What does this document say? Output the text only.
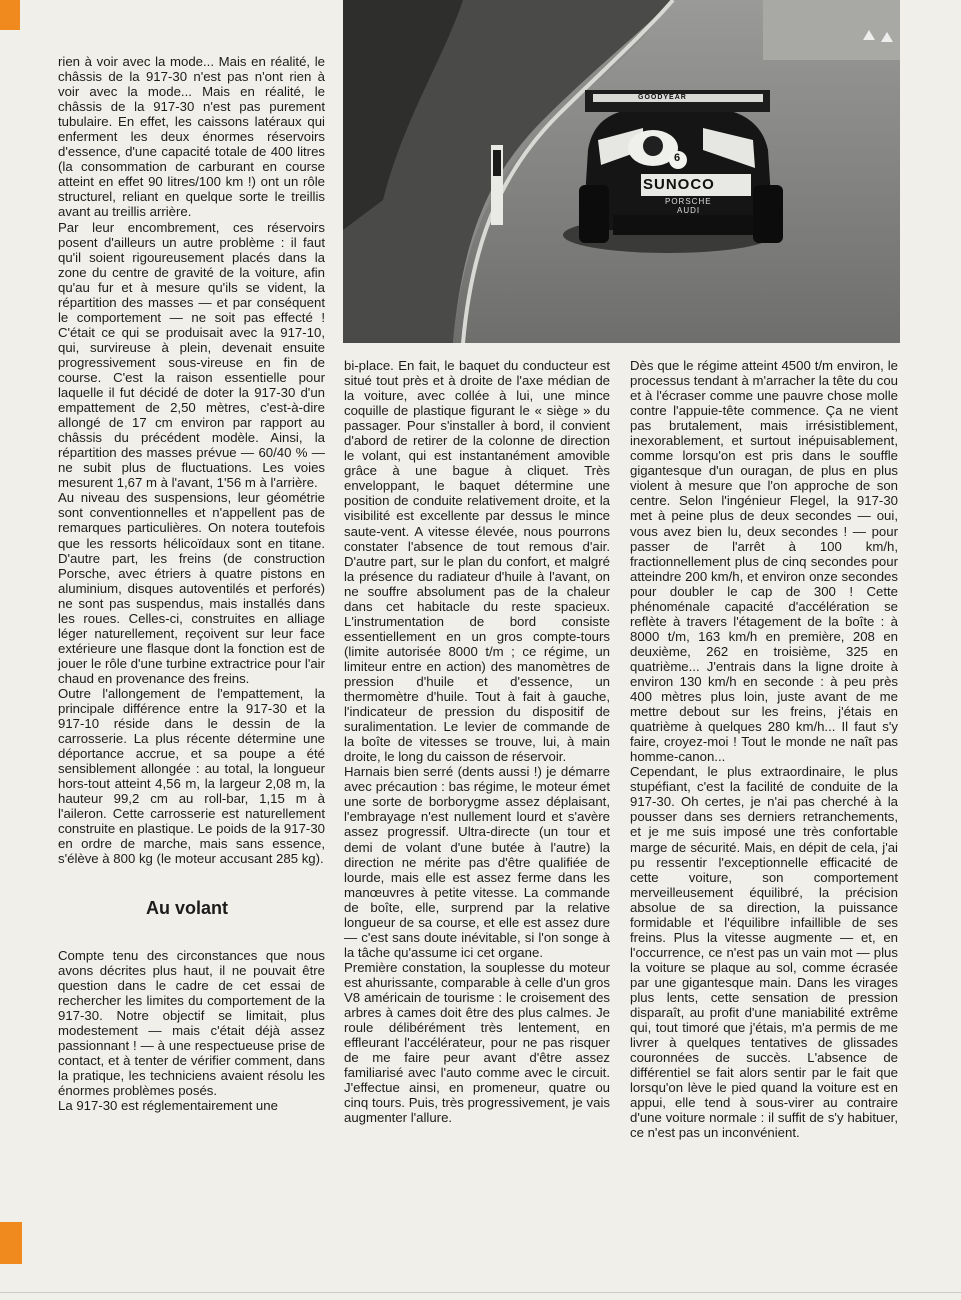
GOODYEAR
SUNOCO
PORSCHE
AUDI
6

rien à voir avec la mode... Mais en réalité, le châssis de la 917-30 n'est pas n'ont rien à voir avec la mode... Mais en réalité, le châssis de la 917-30 n'est pas purement tubulaire. En effet, les caissons latéraux qui enferment les deux énormes réservoirs d'essence, d'une capacité totale de 400 litres (la consommation de carburant en course atteint en effet 90 litres/100 km !) ont un rôle structurel, reliant en quelque sorte le treillis avant au treillis arrière.

Par leur encombrement, ces réservoirs posent d'ailleurs un autre problème : il faut qu'il soient rigoureusement placés dans la zone du centre de gravité de la voiture, afin qu'au fur et à mesure qu'ils se vident, la répartition des masses — et par conséquent le comportement — ne soit pas effecté ! C'était ce qui se produisait avec la 917-10, qui, survireuse à plein, devenait ensuite progressivement sous-vireuse en fin de course. C'est la raison essentielle pour laquelle il fut décidé de doter la 917-30 d'un empattement de 2,50 mètres, c'est-à-dire allongé de 17 cm environ par rapport au châssis du précédent modèle. Ainsi, la répartition des masses prévue — 60/40 % — ne subit plus de fluctuations. Les voies mesurent 1,67 m à l'avant, 1'56 m à l'arrière.

Au niveau des suspensions, leur géométrie sont conventionnelles et n'appellent pas de remarques particulières. On notera toutefois que les ressorts hélicoïdaux sont en titane. D'autre part, les freins (de construction Porsche, avec étriers à quatre pistons en aluminium, disques autoventilés et perforés) ne sont pas suspendus, mais installés dans les roues. Celles-ci, construites en alliage léger naturellement, reçoivent sur leur face extérieure une flasque dont la fonction est de jouer le rôle d'une turbine extractrice pour l'air chaud en provenance des freins.

Outre l'allongement de l'empattement, la principale différence entre la 917-30 et la 917-10 réside dans le dessin de la carrosserie. La plus récente détermine une déportance accrue, et sa poupe a été sensiblement allongée : au total, la longueur hors-tout atteint 4,56 m, la largeur 2,08 m, la hauteur 99,2 cm au roll-bar, 1,15 m à l'aileron. Cette carrosserie est naturellement construite en plastique. Le poids de la 917-30 en ordre de marche, mais sans essence, s'élève à 800 kg (le moteur accusant 285 kg).

Au volant

Compte tenu des circonstances que nous avons décrites plus haut, il ne pouvait être question dans le cadre de cet essai de rechercher les limites du comportement de la 917-30. Notre objectif se limitait, plus modestement — mais c'était déjà assez passionnant ! — à une respectueuse prise de contact, et à tenter de vérifier comment, dans la pratique, les techniciens avaient résolu les énormes problèmes posés.

La 917-30 est réglementairement une

bi-place. En fait, le baquet du conducteur est situé tout près et à droite de l'axe médian de la voiture, avec collée à lui, une mince coquille de plastique figurant le « siège » du passager. Pour s'installer à bord, il convient d'abord de retirer de la colonne de direction le volant, qui est instantanément amovible grâce à une bague à cliquet. Très enveloppant, le baquet détermine une position de conduite relativement droite, et la visibilité est excellente par dessus le mince saute-vent. A vitesse élevée, nous pourrons constater l'absence de tout remous d'air. D'autre part, sur le plan du confort, et malgré la présence du radiateur d'huile à l'avant, on ne souffre absolument pas de la chaleur dans cet habitacle du reste spacieux. L'instrumentation de bord consiste essentiellement en un gros compte-tours (limite autorisée 8000 t/m ; ce régime, un limiteur entre en action) des manomètres de pression d'huile et d'essence, un thermomètre d'huile. Tout à fait à gauche, l'indicateur de pression du dispositif de suralimentation. Le levier de commande de la boîte de vitesses se trouve, lui, à main droite, le long du caisson de réservoir.

Harnais bien serré (dents aussi !) je démarre avec précaution : bas régime, le moteur émet une sorte de borborygme assez déplaisant, l'embrayage n'est nullement lourd et s'avère assez progressif. Ultra-directe (un tour et demi de volant d'une butée à l'autre) la direction ne mérite pas d'être qualifiée de lourde, mais elle est assez ferme dans les manœuvres à petite vitesse. La commande de boîte, elle, surprend par la relative longueur de sa course, et elle est assez dure — c'est sans doute inévitable, si l'on songe à la tâche qu'assume ici cet organe.

Première constation, la souplesse du moteur est ahurissante, comparable à celle d'un gros V8 américain de tourisme : le croisement des arbres à cames doit être des plus calmes. Je roule délibérément très lentement, en effleurant l'accélérateur, pour ne pas risquer de me faire peur avant d'être assez familiarisé avec l'auto comme avec le circuit. J'effectue ainsi, en promeneur, quatre ou cinq tours. Puis, très progressivement, je vais augmenter l'allure.

Dès que le régime atteint 4500 t/m environ, le processus tendant à m'arracher la tête du cou et à l'écraser comme une pauvre chose molle contre l'appuie-tête commence. Ça ne vient pas brutalement, mais irrésistiblement, inexorablement, et surtout inépuisablement, comme lorsqu'on est pris dans le souffle gigantesque d'un ouragan, de plus en plus violent à mesure que l'on approche de son centre. Selon l'ingénieur Flegel, la 917-30 met à peine plus de deux secondes — oui, vous avez bien lu, deux secondes ! — pour passer de l'arrêt à 100 km/h, fractionnellement plus de cinq secondes pour atteindre 200 km/h, et environ onze secondes pour doubler le cap de 300 ! Cette phénoménale capacité d'accélération se reflète à travers l'étagement de la boîte : à 8000 t/m, 163 km/h en première, 208 en deuxième, 262 en troisième, 325 en quatrième... J'entrais dans la ligne droite à environ 130 km/h en seconde : à peu près 400 mètres plus loin, juste avant de me mettre debout sur les freins, j'étais en quatrième à quelques 280 km/h... Il faut s'y faire, croyez-moi ! Tout le monde ne naît pas homme-canon...

Cependant, le plus extraordinaire, le plus stupéfiant, c'est la facilité de conduite de la 917-30. Oh certes, je n'ai pas cherché à la pousser dans ses derniers retranchements, et je me suis imposé une très confortable marge de sécurité. Mais, en dépit de cela, j'ai pu ressentir l'exceptionnelle efficacité de cette voiture, son comportement merveilleusement équilibré, la précision absolue de sa direction, la puissance formidable et l'équilibre infaillible de ses freins. Plus la vitesse augmente — et, en l'occurrence, ce n'est pas un vain mot — plus la voiture se plaque au sol, comme écrasée par une gigantesque main. Dans les virages plus lents, cette sensation de pression disparaît, au profit d'une maniabilité extrême qui, tout timoré que j'étais, m'a permis de me livrer à quelques tentatives de glissades couronnées de succès. L'absence de différentiel se fait alors sentir par le fait que lorsqu'on lève le pied quand la voiture est en appui, elle tend à sous-virer au contraire d'une voiture normale : il suffit de s'y habituer, ce n'est pas un inconvénient.
